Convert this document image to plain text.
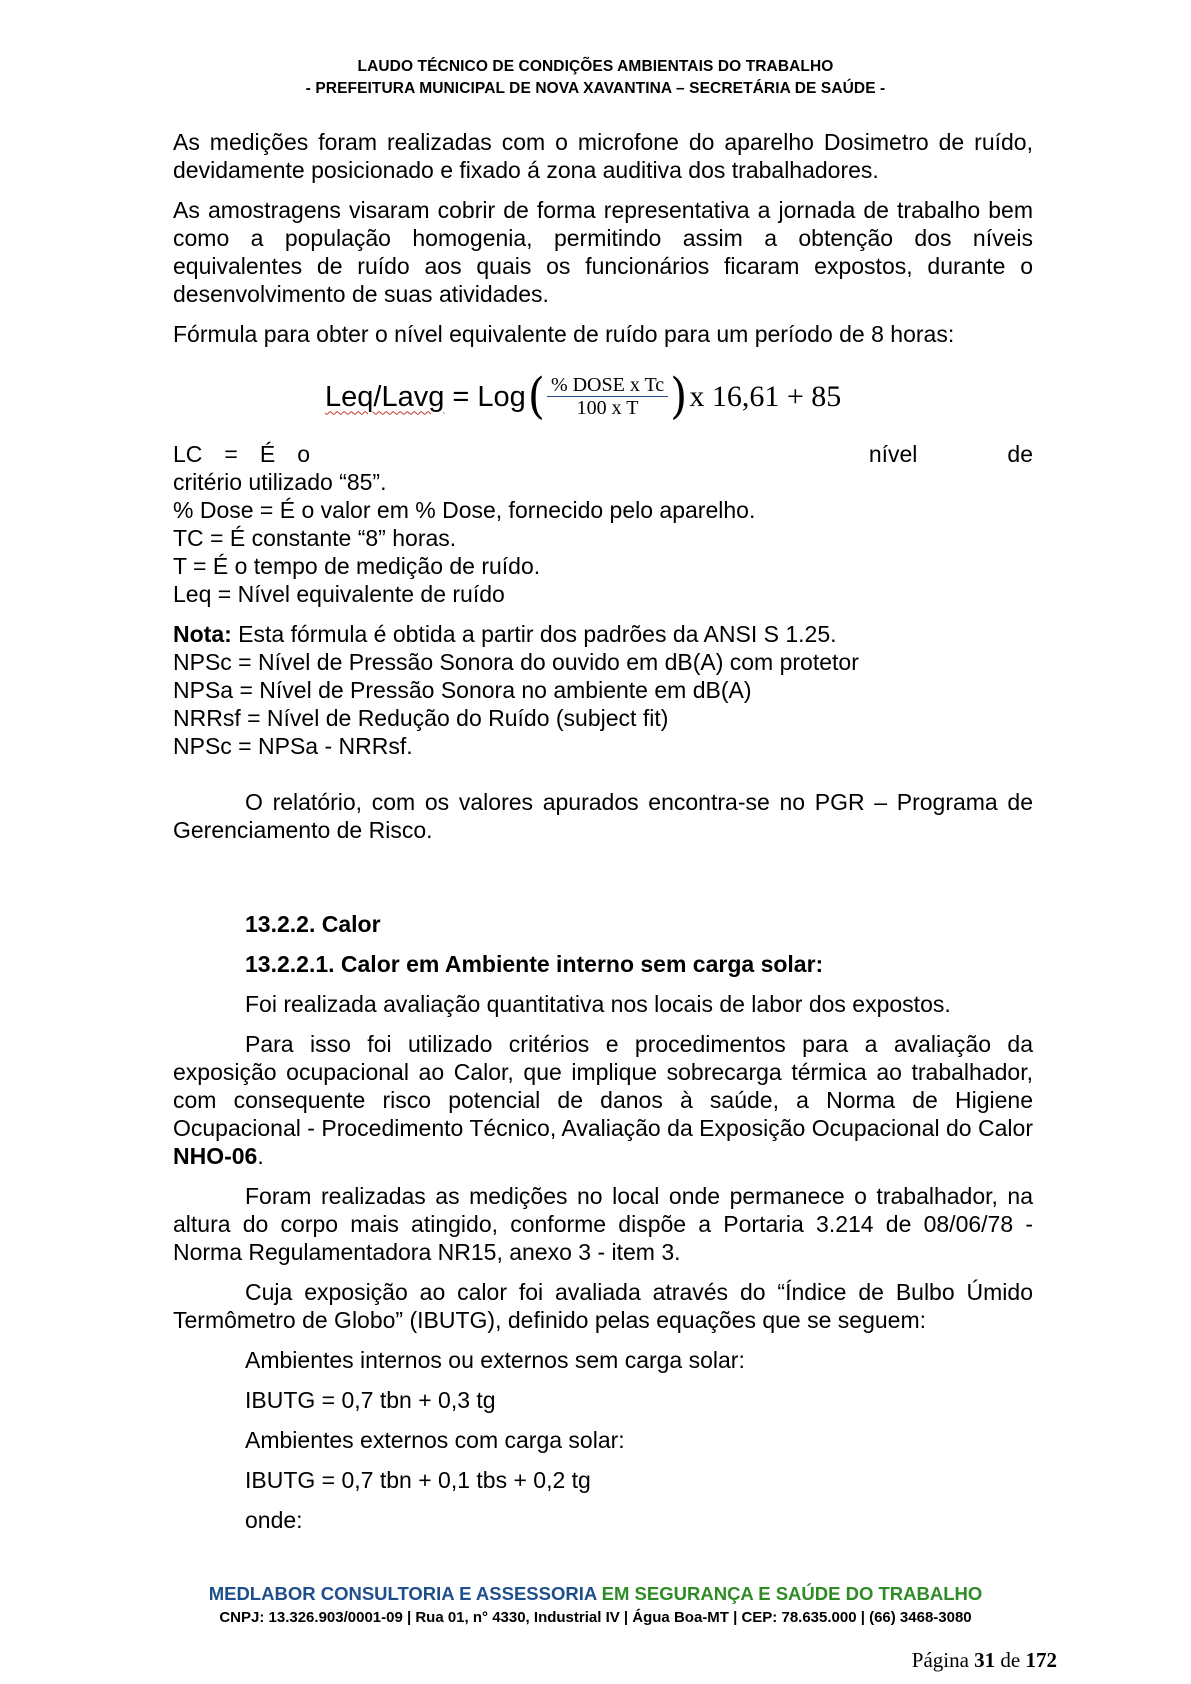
LAUDO TÉCNICO DE CONDIÇÕES AMBIENTAIS DO TRABALHO
- PREFEITURA MUNICIPAL DE NOVA XAVANTINA – SECRETÁRIA DE SAÚDE -

As medições foram realizadas com o microfone do aparelho Dosimetro de ruído, devidamente posicionado e fixado á zona auditiva dos trabalhadores.

As amostragens visaram cobrir de forma representativa a jornada de trabalho bem como a população homogenia, permitindo assim a obtenção dos níveis equivalentes de ruído aos quais os funcionários ficaram expostos, durante o desenvolvimento de suas atividades.

Fórmula para obter o nível equivalente de ruído para um período de 8 horas:

Leq/Lavg = Log ( $\frac{\text{\% DOSE x Tc}}{\text{100 x T}}$ ) x 16,61 + 85
LC = É o	nível	de

critério utilizado “85”.

% Dose = É o valor em % Dose, fornecido pelo aparelho.

TC = É constante “8” horas.

T = É o tempo de medição de ruído.

Leq = Nível equivalente de ruído

Nota: Esta fórmula é obtida a partir dos padrões da ANSI S 1.25.

NPSc = Nível de Pressão Sonora do ouvido em dB(A) com protetor

NPSa = Nível de Pressão Sonora no ambiente em dB(A)

NRRsf = Nível de Redução do Ruído (subject fit)

NPSc = NPSa - NRRsf.

O relatório, com os valores apurados encontra-se no PGR – Programa de Gerenciamento de Risco.

13.2.2. Calor

13.2.2.1. Calor em Ambiente interno sem carga solar:

Foi realizada avaliação quantitativa nos locais de labor dos expostos.

Para isso foi utilizado critérios e procedimentos para a avaliação da exposição ocupacional ao Calor, que implique sobrecarga térmica ao trabalhador, com consequente risco potencial de danos à saúde, a Norma de Higiene Ocupacional - Procedimento Técnico, Avaliação da Exposição Ocupacional do Calor NHO-06.

Foram realizadas as medições no local onde permanece o trabalhador, na altura do corpo mais atingido, conforme dispõe a Portaria 3.214 de 08/06/78 - Norma Regulamentadora NR15, anexo 3 - item 3.

Cuja exposição ao calor foi avaliada através do “Índice de Bulbo Úmido Termômetro de Globo” (IBUTG), definido pelas equações que se seguem:

Ambientes internos ou externos sem carga solar:

IBUTG = 0,7 tbn + 0,3 tg

Ambientes externos com carga solar:

IBUTG = 0,7 tbn + 0,1 tbs + 0,2 tg

onde:

MEDLABOR CONSULTORIA E ASSESSORIA EM SEGURANÇA E SAÚDE DO TRABALHO
CNPJ: 13.326.903/0001-09 | Rua 01, n° 4330, Industrial IV | Água Boa-MT | CEP: 78.635.000 | (66) 3468-3080
Página 31 de 172
